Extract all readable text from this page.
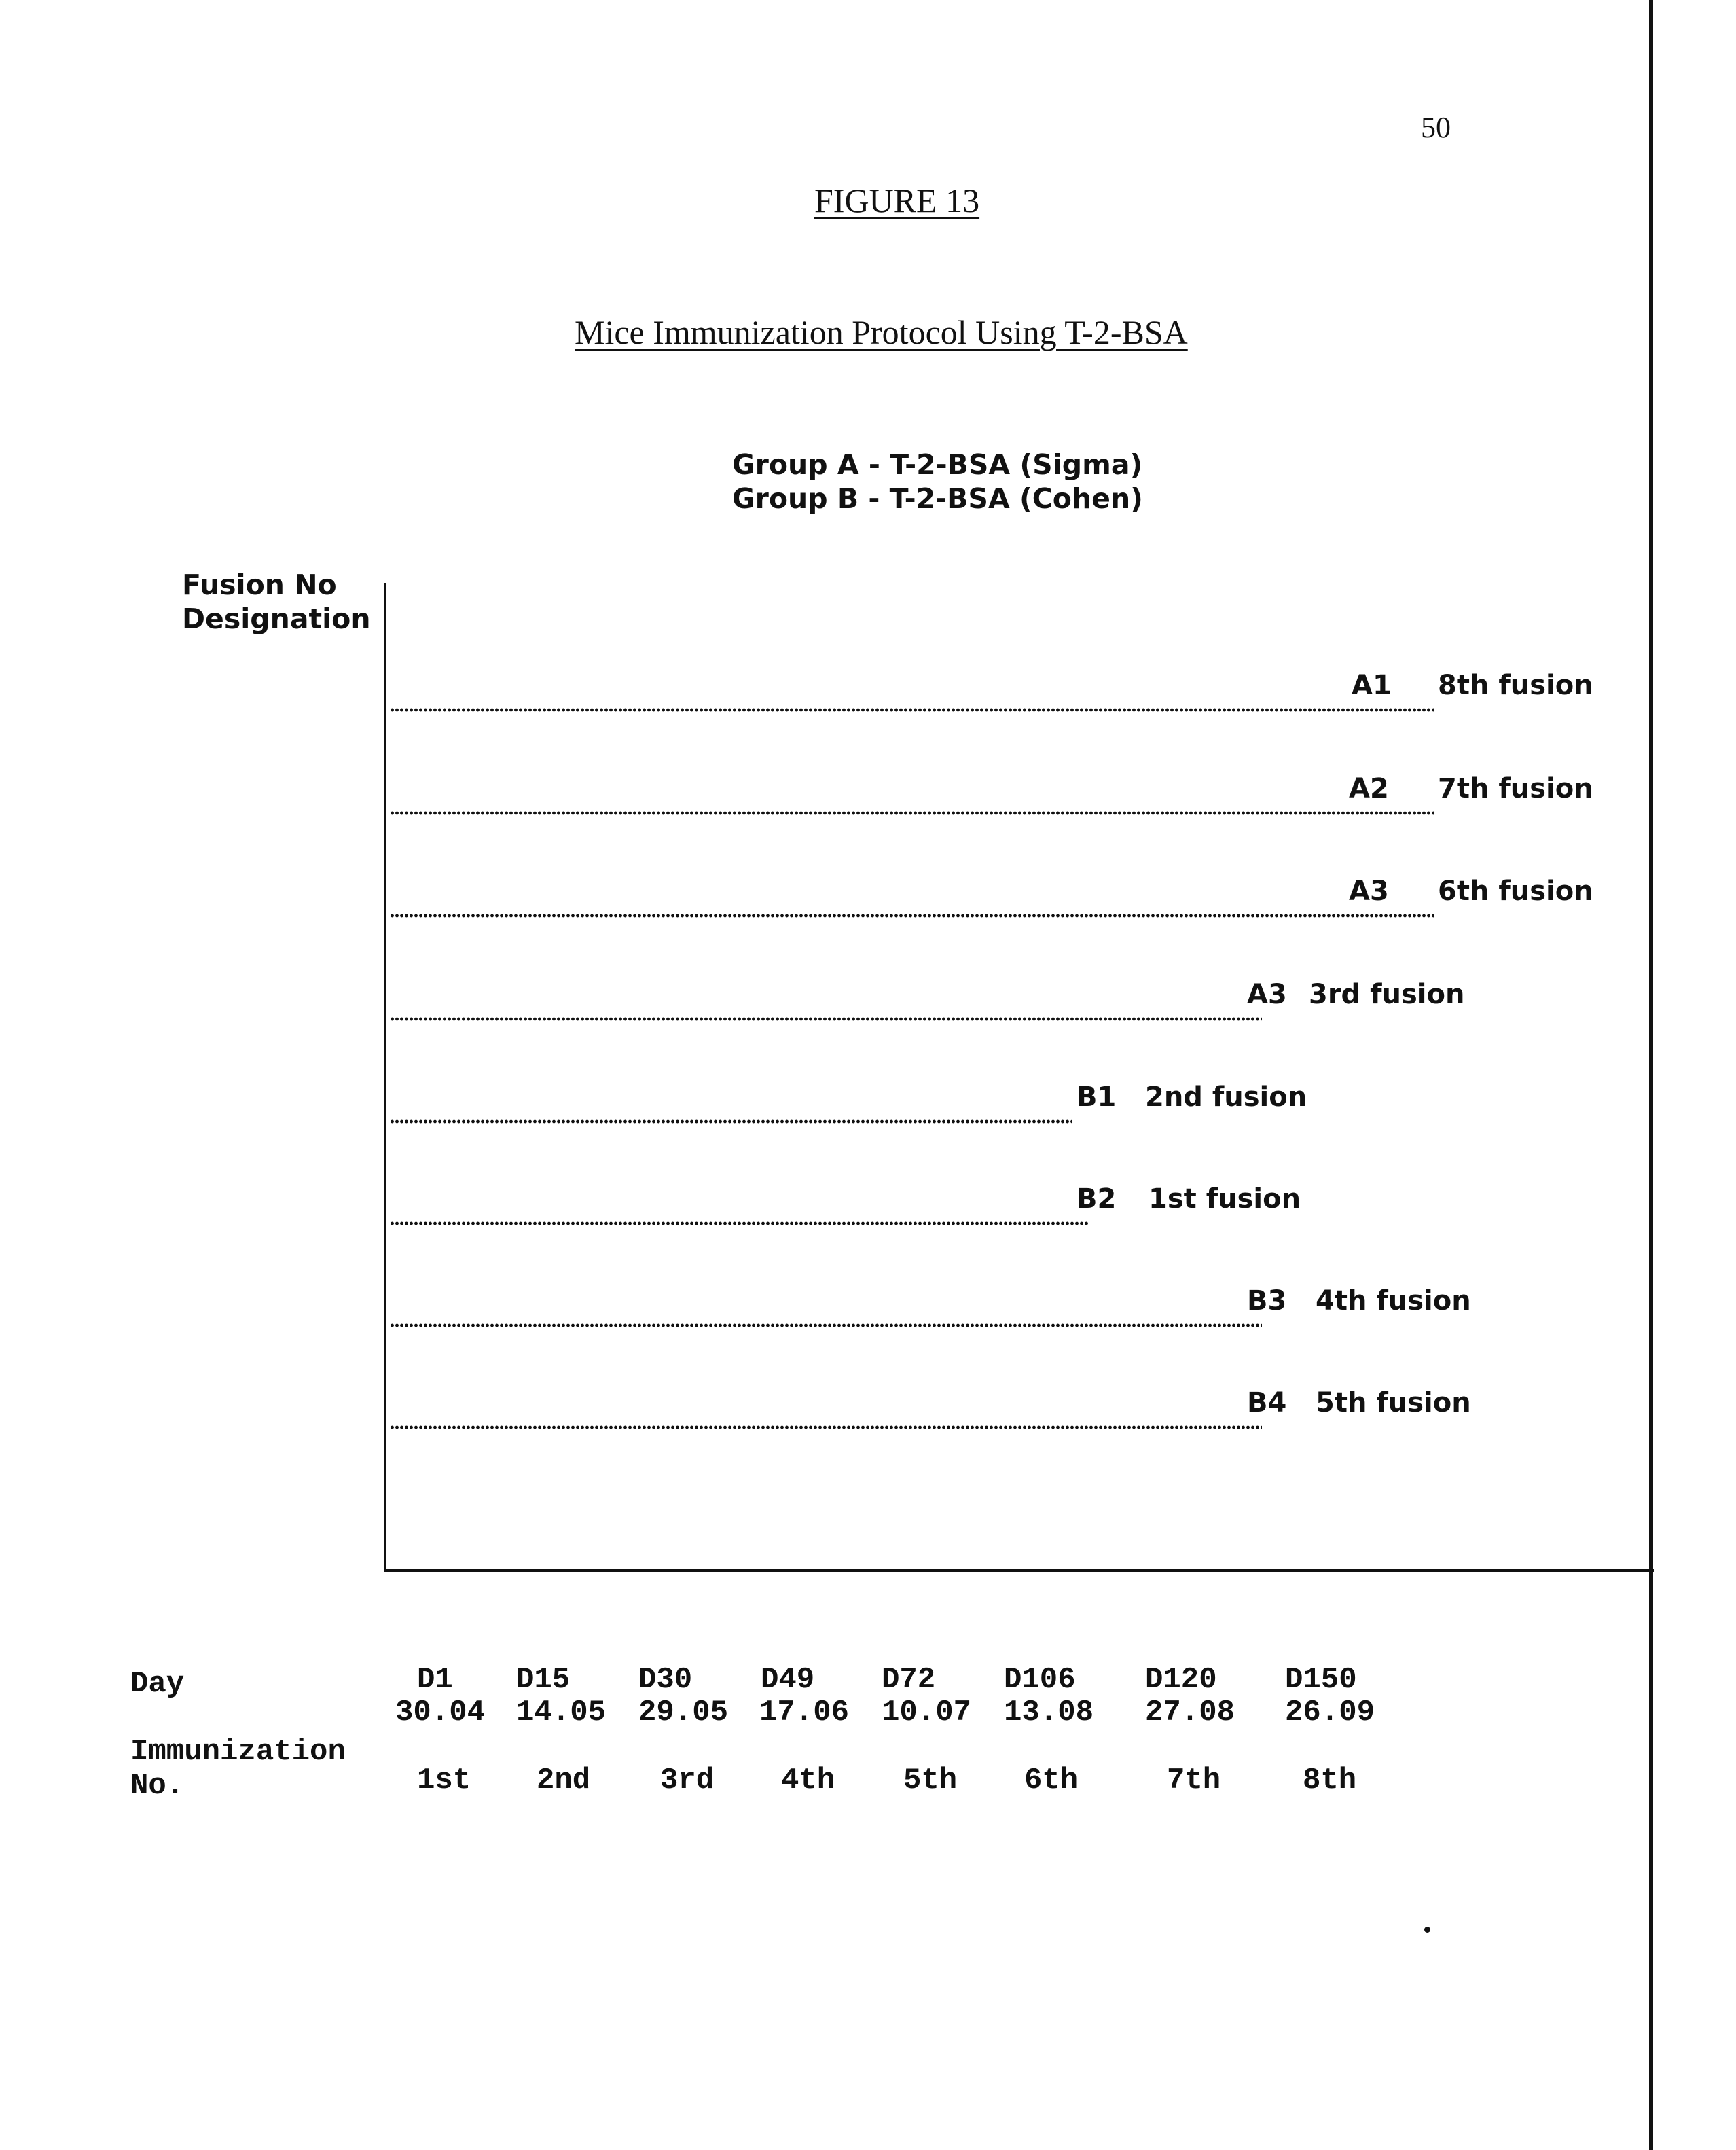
50
FIGURE 13
Mice Immunization Protocol Using T-2-BSA
Group A - T-2-BSA (Sigma)
Group B - T-2-BSA (Cohen)
Fusion No Designation
A1 8th fusion
A2 7th fusion
A3 6th fusion
A3 3rd fusion
B1 2nd fusion
B2 1st fusion
B3 4th fusion
B4 5th fusion
Day
Immunization
No.
D1
30.04
1st
D15
14.05
2nd
D30
29.05
3rd
D49
17.06
4th
D72
10.07
5th
D106
13.08
6th
D120
27.08
7th
D150
26.09
8th
